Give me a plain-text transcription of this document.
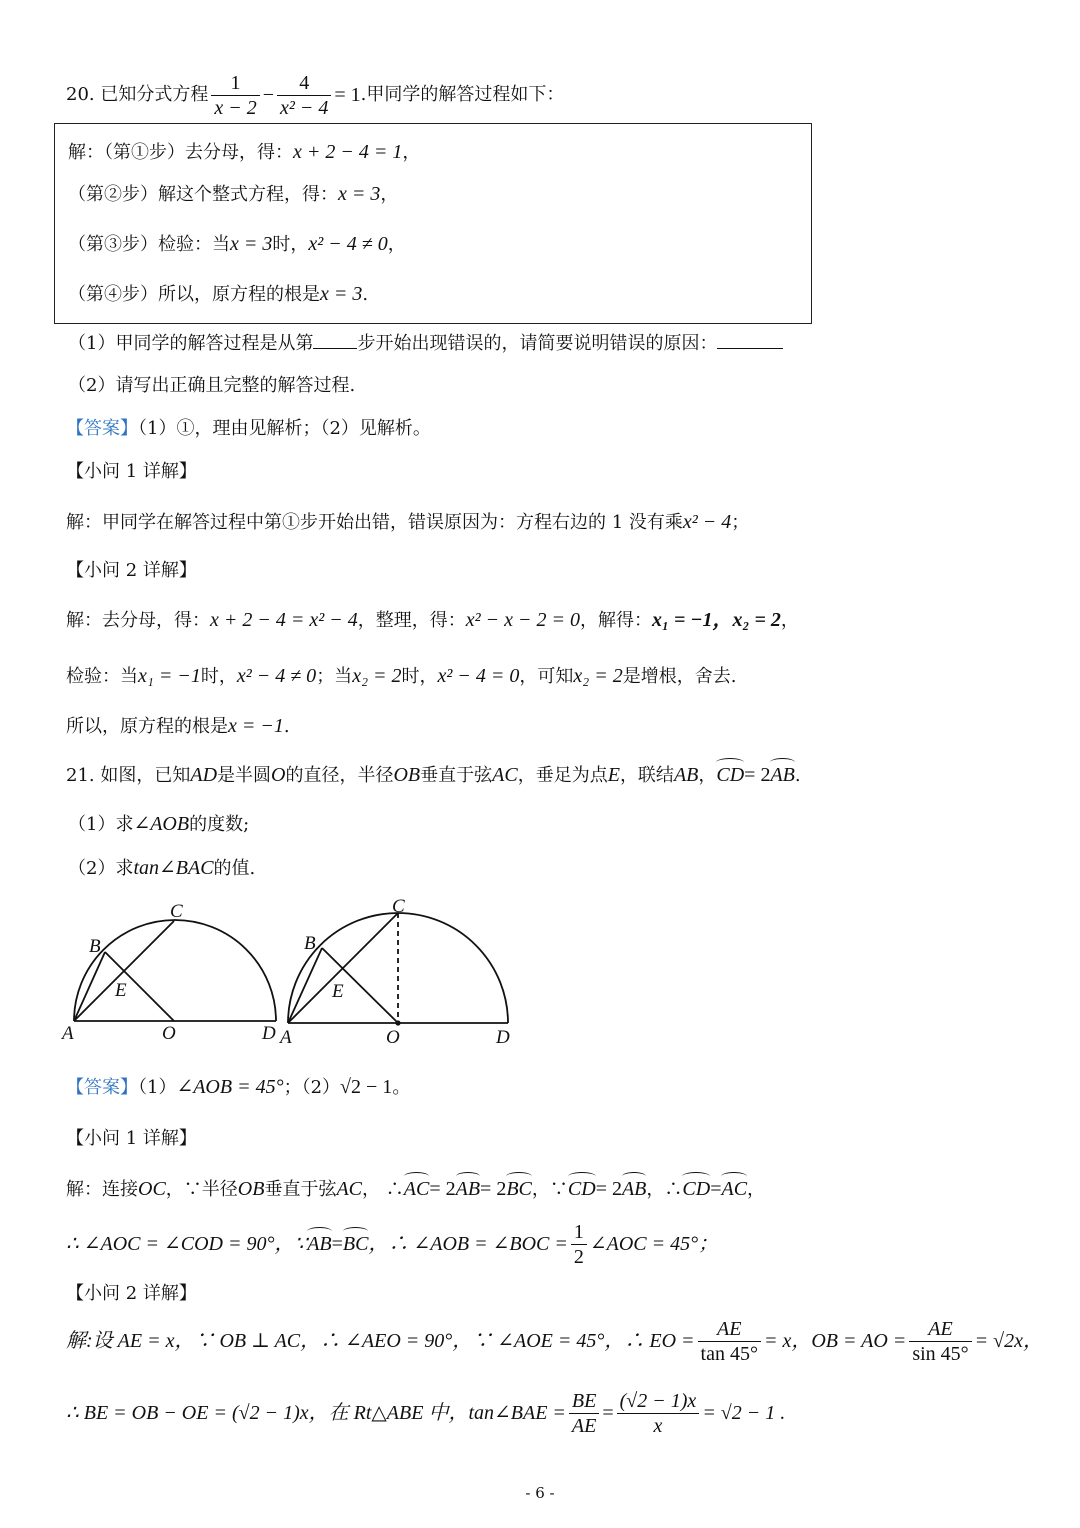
20. 已知分式方程 $\frac{1}{x - 2} - \frac{4}{\text{x² − 4}} = 1$ .甲同学的解答过程如下：
解：（第①步）去分母，得：x + 2 − 4 = 1，
（第②步）解这个整式方程，得：x = 3，
（第③步）检验：当x = 3时，x² − 4 ≠ 0，
（第④步）所以，原方程的根是x = 3.
（1）甲同学的解答过程是从第 步开始出现错误的，请简要说明错误的原因：
（2）请写出正确且完整的解答过程.
【答案】（1）①，理由见解析；（2）见解析。
【小问 1 详解】
解：甲同学在解答过程中第①步开始出错，错误原因为：方程右边的 1 没有乘x² − 4；
【小问 2 详解】
解：去分母，得：x + 2 − 4 = x² − 4，整理，得：x² − x − 2 = 0，解得：x₁ = −1，x₂ = 2，
检验：当x₁ = −1时，x² − 4 ≠ 0；当x₂ = 2时，x² − 4 = 0，可知x₂ = 2是增根，舍去.
所以，原方程的根是x = −1.
21. 如图，已知AD是半圆O的直径，半径OB垂直于弦AC，垂足为点E，联结AB，CD= 2AB.
（1）求∠AOB的度数;
（2）求tan∠BAC的值.
A
B
C
D
E
O	A
B
C
D
E
O
【答案】（1）∠AOB = 45°；（2）√2 − 1。
【小问 1 详解】
解：连接OC，∵半径OB垂直于弦AC， ∴AC= 2AB= 2BC，∵CD= 2AB，∴CD=AC，
∴ ∠AOC = ∠COD = 90°，∵ AB = BC ，∴ ∠AOB = ∠BOC = $\frac{1}{2}$ ∠AOC = 45°；
【小问 2 详解】
解:设 AE = x，∵ OB ⊥ AC，∴ ∠AEO = 90°，∵ ∠AOE = 45°，∴ EO = $\frac{AE}{\tan 45^\circ} = x$，OB = AO = $\frac{AE}{\sin 45^\circ} = √2x$，
∴ BE = OB − OE = (√2 − 1)x，在 Rt△ABE 中， tan∠BAE = $\frac{BE}{AE} = \frac{(√2 - 1)x}{x} = √2 - 1$ .
- 6 -
